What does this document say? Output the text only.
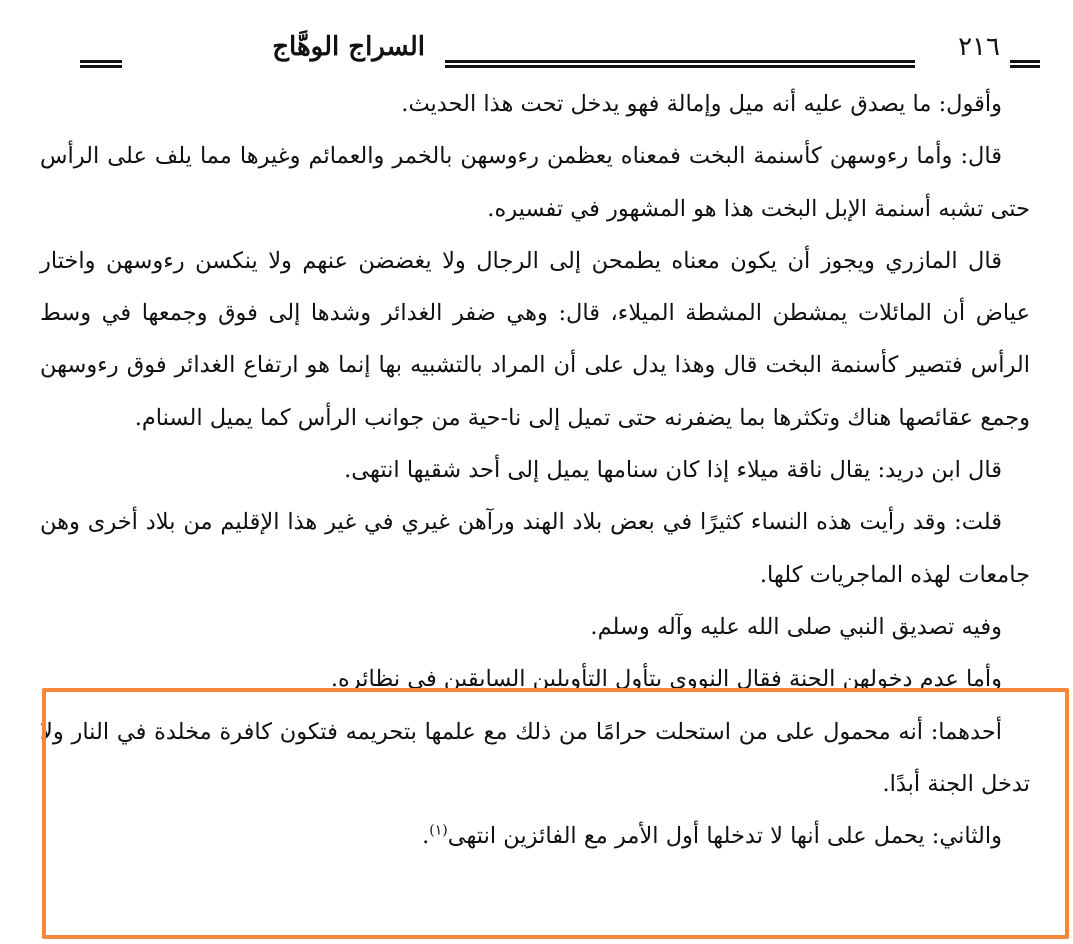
٢١٦
السراج الوهَّاج

وأقول: ما يصدق عليه أنه ميل وإمالة فهو يدخل تحت هذا الحديث.

قال: وأما رءوسهن كأسنمة البخت فمعناه يعظمن رءوسهن بالخمر والعمائم وغيرها مما يلف على الرأس حتى تشبه أسنمة الإبل البخت هذا هو المشهور في تفسيره.

قال المازري ويجوز أن يكون معناه يطمحن إلى الرجال ولا يغضضن عنهم ولا ينكسن رءوسهن واختار عياض أن المائلات يمشطن المشطة الميلاء، قال: وهي ضفر الغدائر وشدها إلى فوق وجمعها في وسط الرأس فتصير كأسنمة البخت قال وهذا يدل على أن المراد بالتشبيه بها إنما هو ارتفاع الغدائر فوق رءوسهن وجمع عقائصها هناك وتكثرها بما يضفرنه حتى تميل إلى نا-حية من جوانب الرأس كما يميل السنام.

قال ابن دريد: يقال ناقة ميلاء إذا كان سنامها يميل إلى أحد شقيها انتهى.

قلت: وقد رأيت هذه النساء كثيرًا في بعض بلاد الهند ورآهن غيري في غير هذا الإقليم من بلاد أخرى وهن جامعات لهذه الماجريات كلها.

وفيه تصديق النبي صلى الله عليه وآله وسلم.

وأما عدم دخولهن الجنة فقال النووي يتأول التأويلين السابقين في نظائره.

أحدهما: أنه محمول على من استحلت حرامًا من ذلك مع علمها بتحريمه فتكون كافرة مخلدة في النار ولا تدخل الجنة أبدًا.

والثاني: يحمل على أنها لا تدخلها أول الأمر مع الفائزين انتهى$^{(١)}$.
